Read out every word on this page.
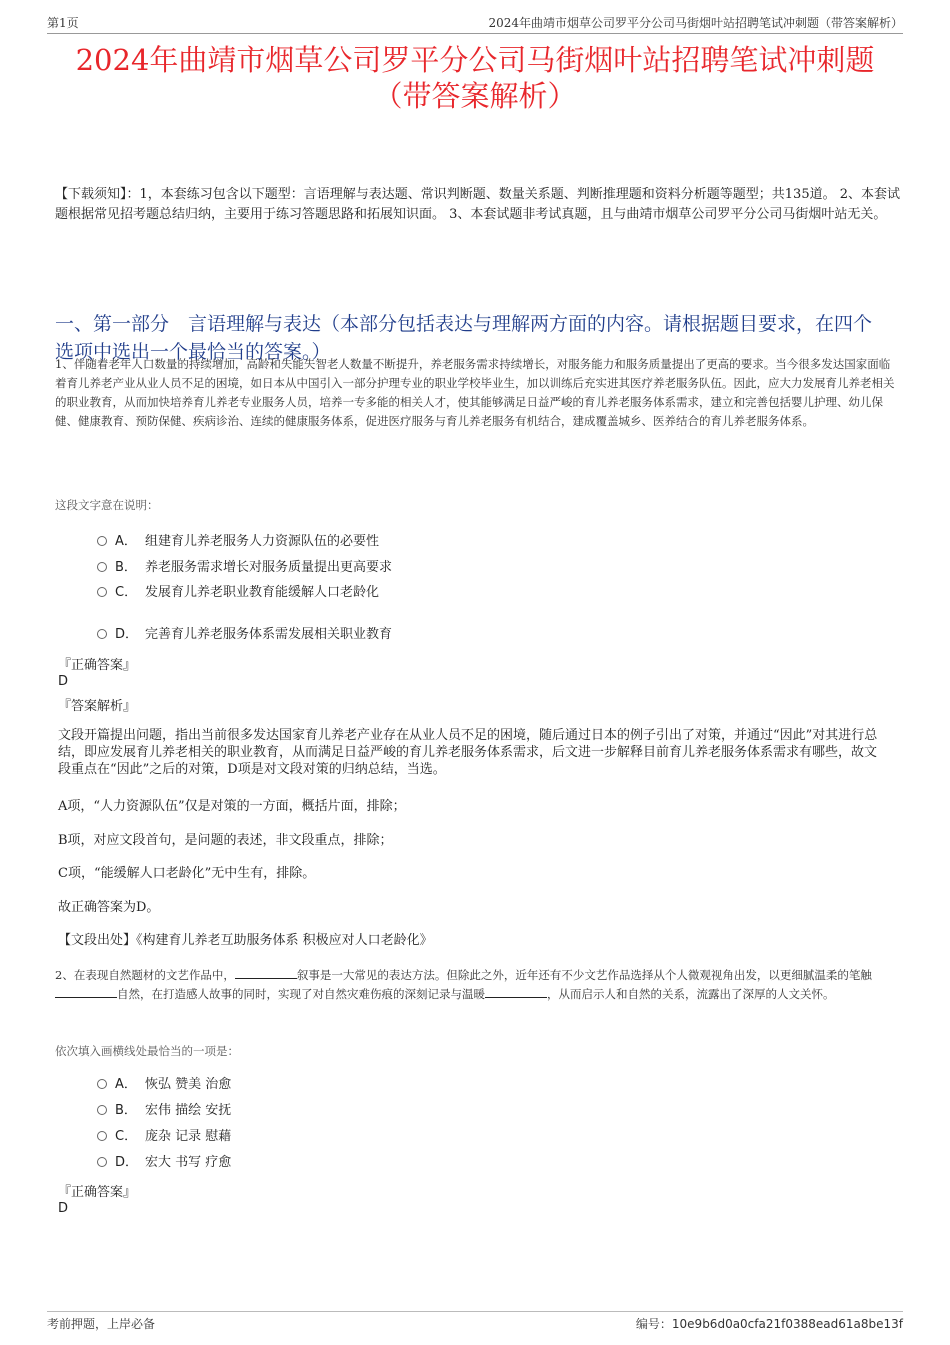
第1页	2024年曲靖市烟草公司罗平分公司马街烟叶站招聘笔试冲刺题（带答案解析）
2024年曲靖市烟草公司罗平分公司马街烟叶站招聘笔试冲刺题
（带答案解析）
【下载须知】：1，本套练习包含以下题型：言语理解与表达题、常识判断题、数量关系题、判断推理题和资料分析题等题型；共135道。 2、本套试题根据常见招考题总结归纳，主要用于练习答题思路和拓展知识面。 3、本套试题非考试真题，且与曲靖市烟草公司罗平分公司马街烟叶站无关。
一、第一部分　言语理解与表达（本部分包括表达与理解两方面的内容。请根据题目要求，在四个选项中选出一个最恰当的答案。）
1、伴随着老年人口数量的持续增加，高龄和失能失智老人数量不断提升，养老服务需求持续增长，对服务能力和服务质量提出了更高的要求。当今很多发达国家面临着育儿养老产业从业人员不足的困境，如日本从中国引入一部分护理专业的职业学校毕业生，加以训练后充实进其医疗养老服务队伍。因此，应大力发展育儿养老相关的职业教育，从而加快培养育儿养老专业服务人员，培养一专多能的相关人才，使其能够满足日益严峻的育儿养老服务体系需求，建立和完善包括婴儿护理、幼儿保健、健康教育、预防保健、疾病诊治、连续的健康服务体系，促进医疗服务与育儿养老服务有机结合，建成覆盖城乡、医养结合的育儿养老服务体系。
这段文字意在说明：
A． 组建育儿养老服务人力资源队伍的必要性
B． 养老服务需求增长对服务质量提出更高要求
C． 发展育儿养老职业教育能缓解人口老龄化
D． 完善育儿养老服务体系需发展相关职业教育
『正确答案』
D
『答案解析』
文段开篇提出问题，指出当前很多发达国家育儿养老产业存在从业人员不足的困境，随后通过日本的例子引出了对策，并通过“因此”对其进行总结，即应发展育儿养老相关的职业教育，从而满足日益严峻的育儿养老服务体系需求，后文进一步解释目前育儿养老服务体系需求有哪些，故文段重点在“因此”之后的对策，D项是对文段对策的归纳总结，当选。
A项，“人力资源队伍”仅是对策的一方面，概括片面，排除；
B项，对应文段首句，是问题的表述，非文段重点，排除；
C项，“能缓解人口老龄化”无中生有，排除。
故正确答案为D。
【文段出处】《构建育儿养老互助服务体系 积极应对人口老龄化》
2、在表现自然题材的文艺作品中，	叙事是一大常见的表达方法。但除此之外，近年还有不少文艺作品选择从个人微观视角出发，以更细腻温柔的笔触自然，在打造感人故事的同时，实现了对自然灾难伤痕的深刻记录与温暖	，从而启示人和自然的关系，流露出了深厚的人文关怀。
依次填入画横线处最恰当的一项是：
A． 恢弘 赞美 治愈
B． 宏伟 描绘 安抚
C． 庞杂 记录 慰藉
D． 宏大 书写 疗愈
『正确答案』
D
考前押题，上岸必备	编号：10e9b6d0a0cfa21f0388ead61a8be13f
